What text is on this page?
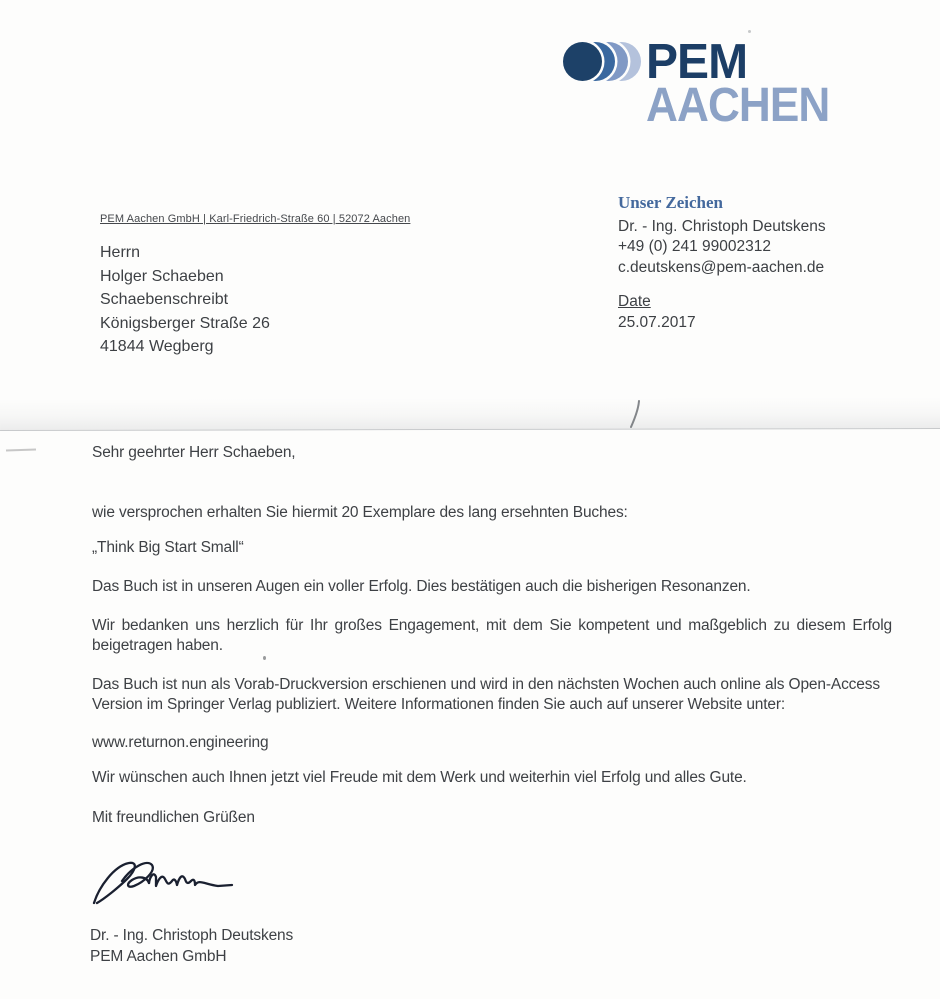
PEM
AACHEN
PEM Aachen GmbH | Karl-Friedrich-Straße 60 | 52072 Aachen
Herrn
Holger Schaeben
Schaebenschreibt
Königsberger Straße 26
41844 Wegberg
Unser Zeichen
Dr. - Ing. Christoph Deutskens
+49 (0) 241 99002312
c.deutskens@pem-aachen.de
Date
25.07.2017
Sehr geehrter Herr Schaeben,
wie versprochen erhalten Sie hiermit 20 Exemplare des lang ersehnten Buches:
„Think Big Start Small“
Das Buch ist in unseren Augen ein voller Erfolg. Dies bestätigen auch die bisherigen Resonanzen.
Wir bedanken uns herzlich für Ihr großes Engagement, mit dem Sie kompetent und maßgeblich zu diesem Erfolg beigetragen haben.
Das Buch ist nun als Vorab-Druckversion erschienen und wird in den nächsten Wochen auch online als Open-Access Version im Springer Verlag publiziert. Weitere Informationen finden Sie auch auf unserer Website unter:
www.returnon.engineering
Wir wünschen auch Ihnen jetzt viel Freude mit dem Werk und weiterhin viel Erfolg und alles Gute.
Mit freundlichen Grüßen
Dr. - Ing. Christoph Deutskens
PEM Aachen GmbH
